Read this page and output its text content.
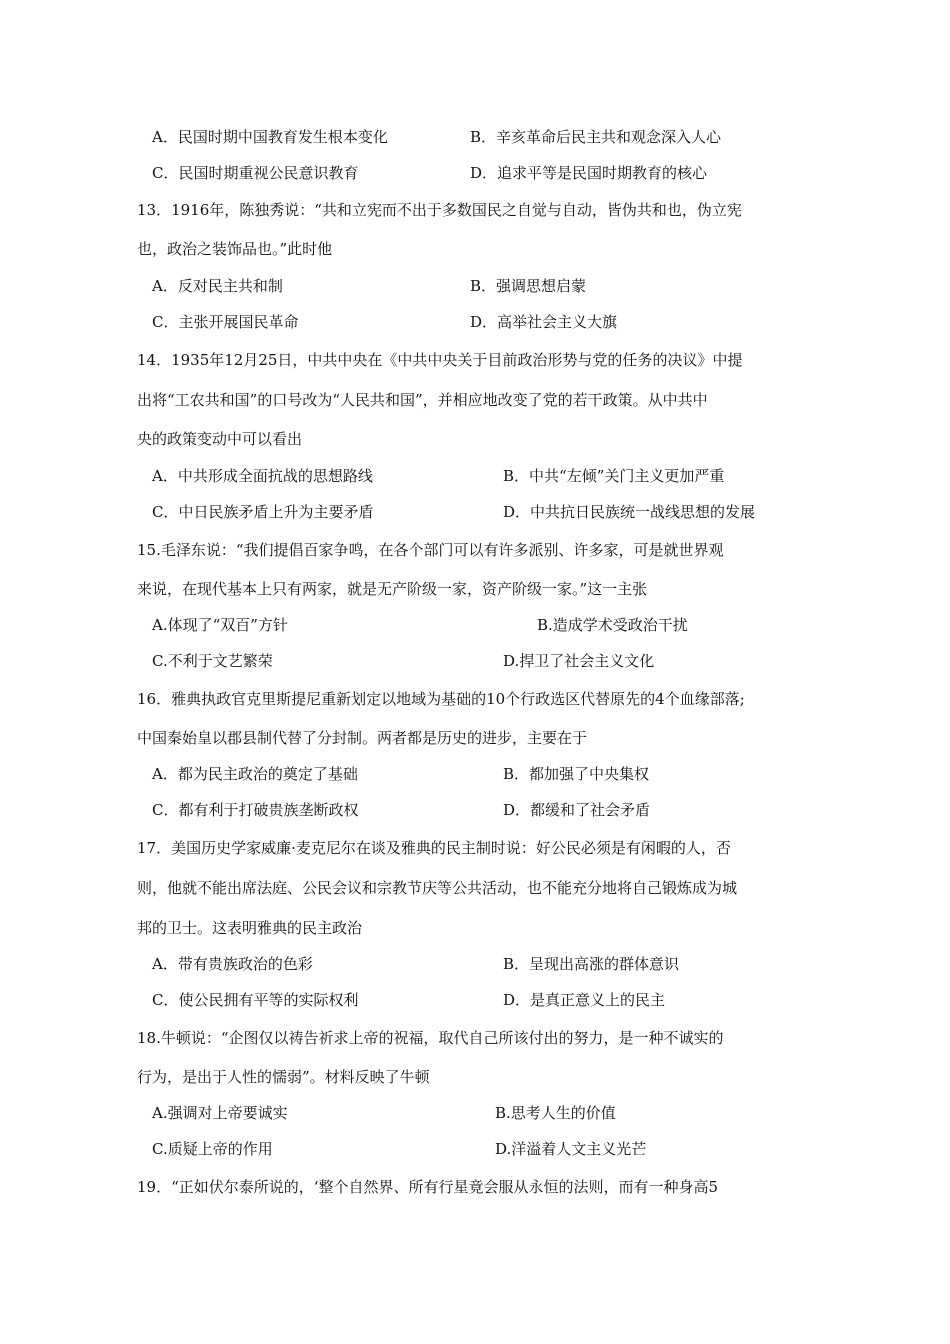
A．民国时期中国教育发生根本变化	B．辛亥革命后民主共和观念深入人心
C．民国时期重视公民意识教育	D．追求平等是民国时期教育的核心
13．1916年，陈独秀说：“共和立宪而不出于多数国民之自觉与自动，皆伪共和也，伪立宪
也，政治之装饰品也。”此时他
A．反对民主共和制	B．强调思想启蒙
C．主张开展国民革命	D．高举社会主义大旗
14．1935年12月25日，中共中央在《中共中央关于目前政治形势与党的任务的决议》中提
出将“工农共和国”的口号改为“人民共和国”，并相应地改变了党的若干政策。从中共中
央的政策变动中可以看出
A．中共形成全面抗战的思想路线	B．中共“左倾”关门主义更加严重
C．中日民族矛盾上升为主要矛盾	D．中共抗日民族统一战线思想的发展
15.毛泽东说：“我们提倡百家争鸣，在各个部门可以有许多派别、许多家，可是就世界观
来说，在现代基本上只有两家，就是无产阶级一家，资产阶级一家。”这一主张
A.体现了“双百”方针	B.造成学术受政治干扰
C.不利于文艺繁荣	D.捍卫了社会主义文化
16．雅典执政官克里斯提尼重新划定以地域为基础的10个行政选区代替原先的4个血缘部落;
中国秦始皇以郡县制代替了分封制。两者都是历史的进步，主要在于
A．都为民主政治的奠定了基础	B．都加强了中央集权
C．都有利于打破贵族垄断政权	D．都缓和了社会矛盾
17．美国历史学家威廉·麦克尼尔在谈及雅典的民主制时说：好公民必须是有闲暇的人，否
则，他就不能出席法庭、公民会议和宗教节庆等公共活动，也不能充分地将自己锻炼成为城
邦的卫士。这表明雅典的民主政治
A．带有贵族政治的色彩	B．呈现出高涨的群体意识
C．使公民拥有平等的实际权利	D．是真正意义上的民主
18.牛顿说：“企图仅以祷告祈求上帝的祝福，取代自己所该付出的努力，是一种不诚实的
行为，是出于人性的懦弱”。材料反映了牛顿
A.强调对上帝要诚实	B.思考人生的价值
C.质疑上帝的作用	D.洋溢着人文主义光芒
19．“正如伏尔泰所说的，‘整个自然界、所有行星竟会服从永恒的法则，而有一种身高5
